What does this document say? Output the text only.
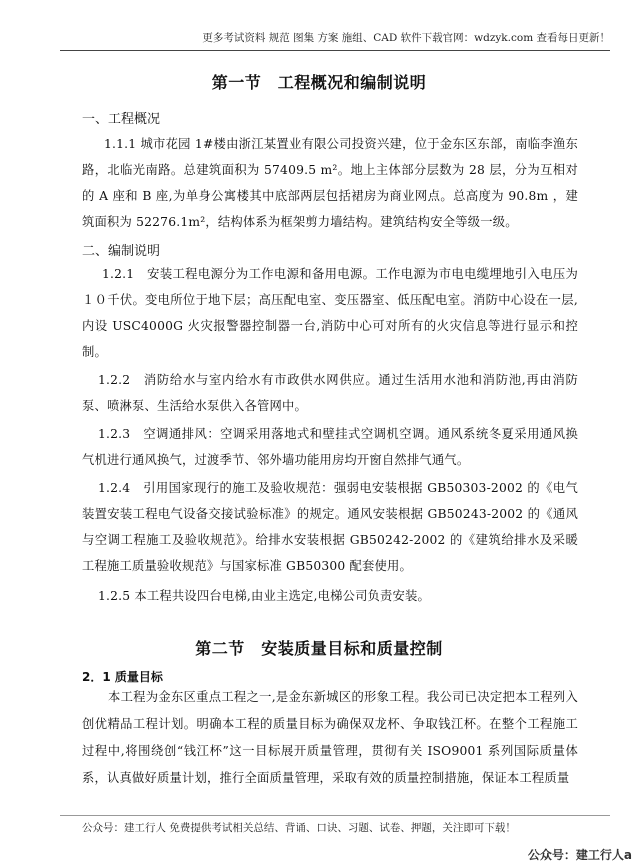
更多考试资料 规范 图集 方案 施组、CAD 软件下载官网：wdzyk.com 查看每日更新！
第一节　工程概况和编制说明
一、工程概况
1.1.1 城市花园 1#楼由浙江某置业有限公司投资兴建，位于金东区东部，南临李渔东路，北临光南路。总建筑面积为 57409.5 m²。地上主体部分层数为 28 层，分为互相对的 A 座和 B 座,为单身公寓楼其中底部两层包括裙房为商业网点。总高度为 90.8m ，建筑面积为 52276.1m²，结构体系为框架剪力墙结构。建筑结构安全等级一级。
二、编制说明
1.2.1　安装工程电源分为工作电源和备用电源。工作电源为市电电缆埋地引入电压为１０千伏。变电所位于地下层；高压配电室、变压器室、低压配电室。消防中心设在一层,内设 USC4000G 火灾报警器控制器一台,消防中心可对所有的火灾信息等进行显示和控制。
1.2.2　消防给水与室内给水有市政供水网供应。通过生活用水池和消防池,再由消防泵、喷淋泵、生活给水泵供入各管网中。
1.2.3　空调通排风：空调采用落地式和壁挂式空调机空调。通风系统冬夏采用通风换气机进行通风换气，过渡季节、邻外墙功能用房均开窗自然排气通气。
1.2.4　引用国家现行的施工及验收规范：强弱电安装根据 GB50303-2002 的《电气装置安装工程电气设备交接试验标准》的规定。通风安装根据 GB50243-2002 的《通风与空调工程施工及验收规范》。给排水安装根据 GB50242-2002 的《建筑给排水及采暖工程施工质量验收规范》与国家标准 GB50300 配套使用。
1.2.5 本工程共设四台电梯,由业主选定,电梯公司负责安装。
第二节　安装质量目标和质量控制
2．1 质量目标
本工程为金东区重点工程之一,是金东新城区的形象工程。我公司已决定把本工程列入创优精品工程计划。明确本工程的质量目标为确保双龙杯、争取钱江杯。在整个工程施工过程中,将围绕创“钱江杯”这一目标展开质量管理，贯彻有关 ISO9001 系列国际质量体系，认真做好质量计划，推行全面质量管理，采取有效的质量控制措施，保证本工程质量
公众号：建工行人 免费提供考试相关总结、背诵、口诀、习题、试卷、押题，关注即可下载！
公众号：建工行人a
